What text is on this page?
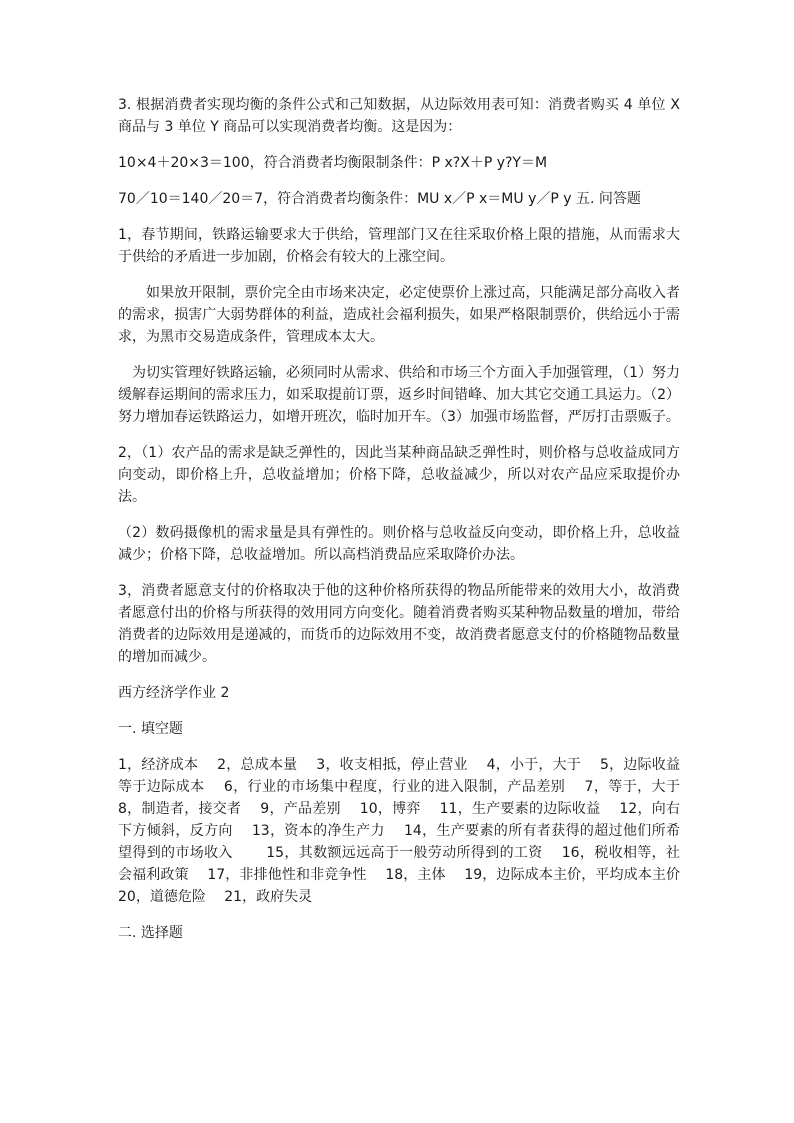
3. 根据消费者实现均衡的条件公式和己知数据，从边际效用表可知：消费者购买 4 单位 X 商品与 3 单位 Y 商品可以实现消费者均衡。这是因为：

10×4＋20×3＝100，符合消费者均衡限制条件：P x?X＋P y?Y＝M

70／10＝140／20＝7，符合消费者均衡条件：MU x／P x＝MU y／P y 五. 问答题

1，春节期间，铁路运输要求大于供给，管理部门又在往采取价格上限的措施，从而需求大于供给的矛盾进一步加剧，价格会有较大的上涨空间。

如果放开限制，票价完全由市场来决定，必定使票价上涨过高，只能满足部分高收入者的需求，损害广大弱势群体的利益，造成社会福利损失，如果严格限制票价，供给远小于需求，为黑市交易造成条件，管理成本太大。

为切实管理好铁路运输，必须同时从需求、供给和市场三个方面入手加强管理，（1）努力缓解春运期间的需求压力，如采取提前订票，返乡时间错峰、加大其它交通工具运力。（2）努力增加春运铁路运力，如增开班次，临时加开车。（3）加强市场监督，严厉打击票贩子。

2，（1）农产品的需求是缺乏弹性的，因此当某种商品缺乏弹性时，则价格与总收益成同方向变动，即价格上升，总收益增加；价格下降，总收益减少，所以对农产品应采取提价办法。

（2）数码摄像机的需求量是具有弹性的。则价格与总收益反向变动，即价格上升，总收益减少；价格下降，总收益增加。所以高档消费品应采取降价办法。

3，消费者愿意支付的价格取决于他的这种价格所获得的物品所能带来的效用大小，故消费者愿意付出的价格与所获得的效用同方向变化。随着消费者购买某种物品数量的增加，带给消费者的边际效用是递减的，而货币的边际效用不变，故消费者愿意支付的价格随物品数量的增加而减少。

西方经济学作业 2

一. 填空题

1，经济成本　 2，总成本量　 3，收支相抵，停止营业　 4，小于，大于　 5，边际收益等于边际成本　 6，行业的市场集中程度，行业的进入限制，产品差别　 7，等于，大于　 8，制造者，接交者　 9，产品差别　 10，博弈　 11，生产要素的边际收益　 12，向右下方倾斜，反方向　 13，资本的净生产力　 14，生产要素的所有者获得的超过他们所希望得到的市场收入　　 15，其数额远远高于一般劳动所得到的工资　 16，税收相等，社会福利政策　 17，非排他性和非竞争性　 18，主体　 19，边际成本主价，平均成本主价　 20，道德危险　 21，政府失灵

二. 选择题
